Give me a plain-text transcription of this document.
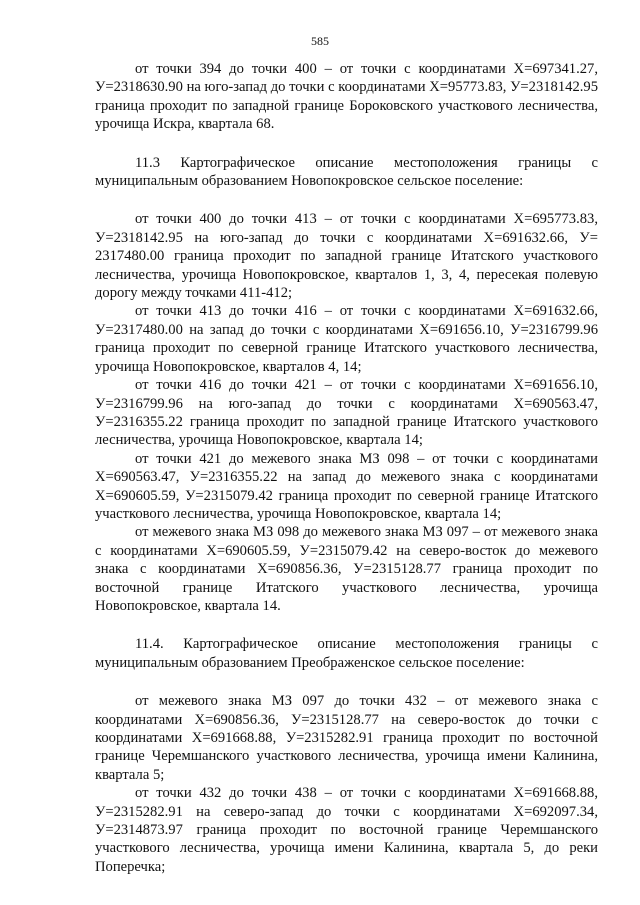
585

от точки 394 до точки 400 – от точки с координатами Х=697341.27, У=2318630.90 на юго-запад до точки с координатами Х=95773.83, У=2318142.95 граница проходит по западной границе Бороковского участкового лесничества, урочища Искра, квартала 68.

11.3 Картографическое описание местоположения границы с муниципальным образованием Новопокровское сельское поселение:

от точки 400 до точки 413 – от точки с координатами Х=695773.83, У=2318142.95 на юго-запад до точки с координатами Х=691632.66, У= 2317480.00 граница проходит по западной границе Итатского участкового лесничества, урочища Новопокровское, кварталов 1, 3, 4, пересекая полевую дорогу между точками 411-412;

от точки 413 до точки 416 – от точки с координатами Х=691632.66, У=2317480.00 на запад до точки с координатами Х=691656.10, У=2316799.96 граница проходит по северной границе Итатского участкового лесничества, урочища Новопокровское, кварталов 4, 14;

от точки 416 до точки 421 – от точки с координатами Х=691656.10, У=2316799.96 на юго-запад до точки с координатами Х=690563.47, У=2316355.22 граница проходит по западной границе Итатского участкового лесничества, урочища Новопокровское, квартала 14;

от точки 421 до межевого знака МЗ 098 – от точки с координатами Х=690563.47, У=2316355.22 на запад до межевого знака с координатами Х=690605.59, У=2315079.42 граница проходит по северной границе Итатского участкового лесничества, урочища Новопокровское, квартала 14;

от межевого знака МЗ 098 до межевого знака МЗ 097 – от межевого знака с координатами Х=690605.59, У=2315079.42 на северо-восток до межевого знака с координатами Х=690856.36, У=2315128.77 граница проходит по восточной границе Итатского участкового лесничества, урочища Новопокровское, квартала 14.

11.4. Картографическое описание местоположения границы с муниципальным образованием Преображенское сельское поселение:

от межевого знака МЗ 097 до точки 432 – от межевого знака с координатами Х=690856.36, У=2315128.77 на северо-восток до точки с координатами Х=691668.88, У=2315282.91 граница проходит по восточной границе Черемшанского участкового лесничества, урочища имени Калинина, квартала 5;

от точки 432 до точки 438 – от точки с координатами Х=691668.88, У=2315282.91 на северо-запад до точки с координатами Х=692097.34, У=2314873.97 граница проходит по восточной границе Черемшанского участкового лесничества, урочища имени Калинина, квартала 5, до реки Поперечка;
